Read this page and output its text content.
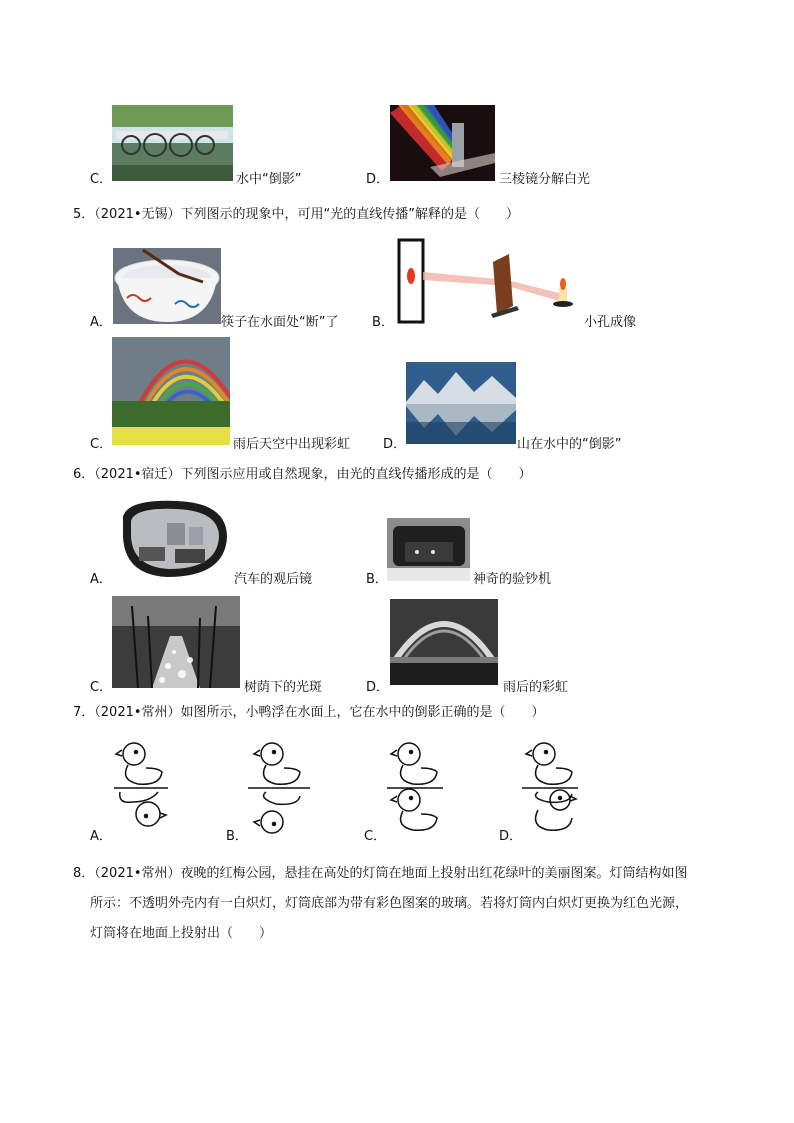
C．	水中“倒影”	D．	三棱镜分解白光
5．（2021•无锡）下列图示的现象中，可用“光的直线传播”解释的是（　　）
A．	筷子在水面处“断”了	B．	小孔成像
C．	雨后天空中出现彩虹	D．	山在水中的“倒影”
6．（2021•宿迁）下列图示应用或自然现象，由光的直线传播形成的是（　　）
A．	汽车的观后镜	B．	神奇的验钞机
C．	树荫下的光斑	D．	雨后的彩虹
7．（2021•常州）如图所示，小鸭浮在水面上，它在水中的倒影正确的是（　　）
A．	B．	C．	D．
8．（2021•常州）夜晚的红梅公园，悬挂在高处的灯筒在地面上投射出红花绿叶的美丽图案。灯筒结构如图
所示：不透明外壳内有一白炽灯，灯筒底部为带有彩色图案的玻璃。若将灯筒内白炽灯更换为红色光源，
灯筒将在地面上投射出（　　）
